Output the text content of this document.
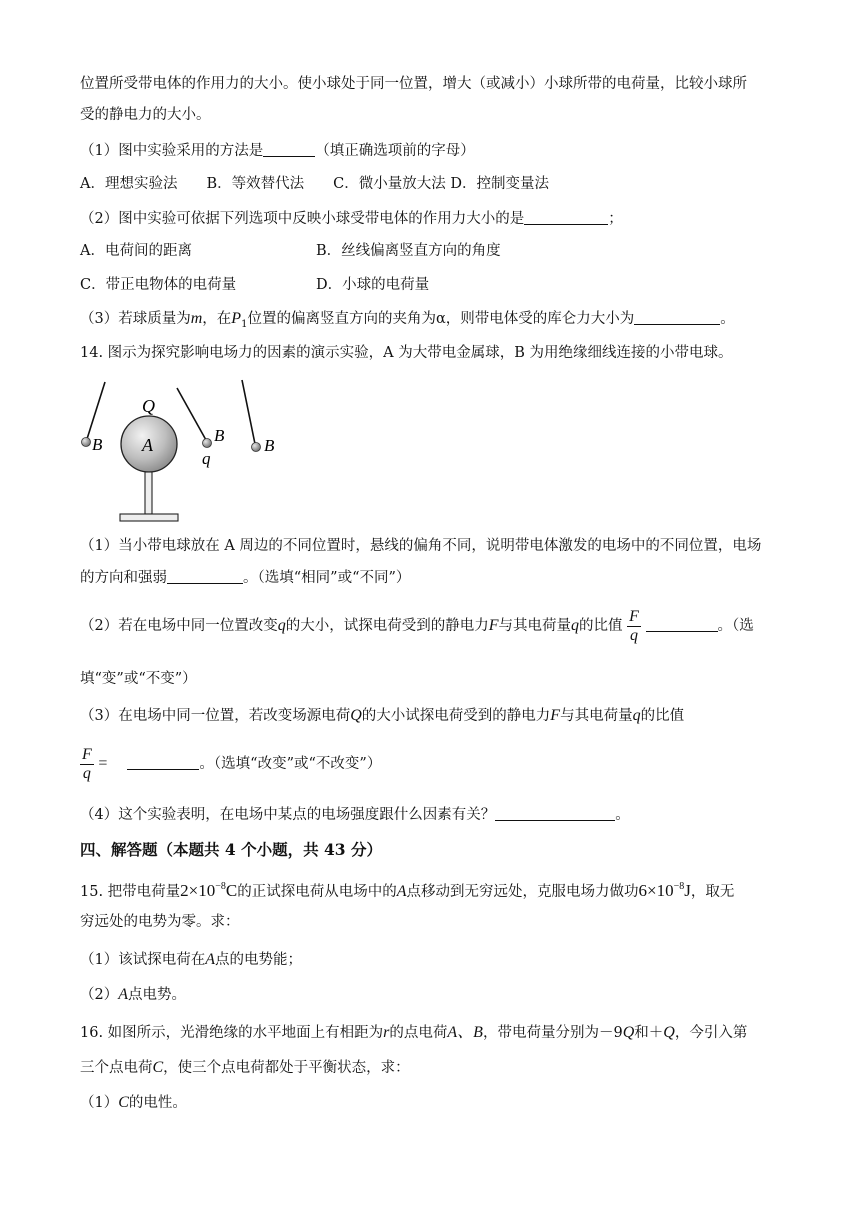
位置所受带电体的作用力的大小。使小球处于同一位置，增大（或减小）小球所带的电荷量，比较小球所
受的静电力的大小。
（1）图中实验采用的方法是	（填正确选项前的字母）
A．理想实验法　　B．等效替代法　　C．微小量放大法 D．控制变量法
（2）图中实验可依据下列选项中反映小球受带电体的作用力大小的是	；
A．电荷间的距离	B．丝线偏离竖直方向的角度
C．带正电物体的电荷量	D．小球的电荷量
（3）若球质量为m，在$P_1$位置的偏离竖直方向的夹角为α，则带电体受的库仑力大小为	。
14. 图示为探究影响电场力的因素的演示实验，A 为大带电金属球，B 为用绝缘细线连接的小带电球。
B
Q
A	B
q
B
（1）当小带电球放在 A 周边的不同位置时，悬线的偏角不同，说明带电体激发的电场中的不同位置，电场
的方向和强弱	。（选填“相同”或“不同”）
（2）若在电场中同一位置改变q的大小，试探电荷受到的静电力F与其电荷量q的比值 $\frac{F}{q}$	。（选
填“变”或“不变”）
（3）在电场中同一位置，若改变场源电荷Q的大小试探电荷受到的静电力F与其电荷量q的比值
$\frac{F}{q}$ =	。（选填“改变”或“不改变”）
（4）这个实验表明，在电场中某点的电场强度跟什么因素有关？	。
四、解答题（本题共 4 个小题，共 43 分）
15. 把带电荷量$2\times 10^{-8}C$的正试探电荷从电场中的A点移动到无穷远处，克服电场力做功$6\times 10^{-8}J$，取无
穷远处的电势为零。求：
（1）该试探电荷在A点的电势能；
（2）A点电势。
16. 如图所示，光滑绝缘的水平地面上有相距为r的点电荷A、B，带电荷量分别为－9Q和＋Q，今引入第
三个点电荷C，使三个点电荷都处于平衡状态，求：
（1）C的电性。
